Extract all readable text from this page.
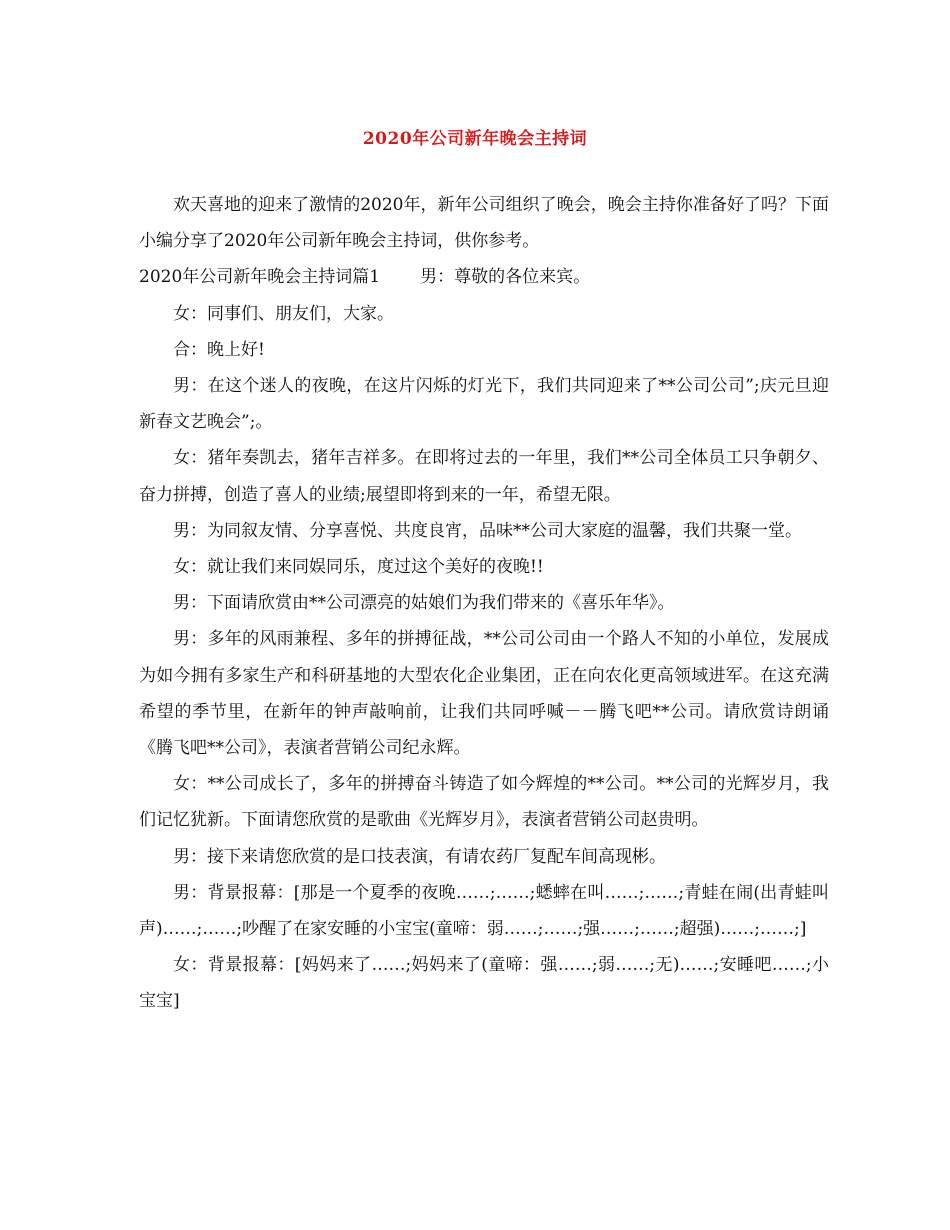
2020年公司新年晚会主持词

欢天喜地的迎来了激情的2020年，新年公司组织了晚会，晚会主持你准备好了吗？下面小编分享了2020年公司新年晚会主持词，供你参考。

2020年公司新年晚会主持词篇1 男：尊敬的各位来宾。

女：同事们、朋友们，大家。

合：晚上好!

男：在这个迷人的夜晚，在这片闪烁的灯光下，我们共同迎来了**公司公司”;庆元旦迎新春文艺晚会”;。

女：猪年奏凯去，猪年吉祥多。在即将过去的一年里，我们**公司全体员工只争朝夕、奋力拼搏，创造了喜人的业绩;展望即将到来的一年，希望无限。

男：为同叙友情、分享喜悦、共度良宵，品味**公司大家庭的温馨，我们共聚一堂。

女：就让我们来同娱同乐，度过这个美好的夜晚!!

男：下面请欣赏由**公司漂亮的姑娘们为我们带来的《喜乐年华》。

男：多年的风雨兼程、多年的拼搏征战，**公司公司由一个路人不知的小单位，发展成为如今拥有多家生产和科研基地的大型农化企业集团，正在向农化更高领域进军。在这充满希望的季节里，在新年的钟声敲响前，让我们共同呼喊－－腾飞吧**公司。请欣赏诗朗诵《腾飞吧**公司》，表演者营销公司纪永辉。

女：**公司成长了，多年的拼搏奋斗铸造了如今辉煌的**公司。**公司的光辉岁月，我们记忆犹新。下面请您欣赏的是歌曲《光辉岁月》，表演者营销公司赵贵明。

男：接下来请您欣赏的是口技表演，有请农药厂复配车间高现彬。

男：背景报幕：[那是一个夏季的夜晚……;……;蟋蟀在叫……;……;青蛙在闹(出青蛙叫声)……;……;吵醒了在家安睡的小宝宝(童啼：弱……;……;强……;……;超强)……;……;]

女：背景报幕：[妈妈来了……;妈妈来了(童啼：强……;弱……;无)……;安睡吧……;小宝宝]
